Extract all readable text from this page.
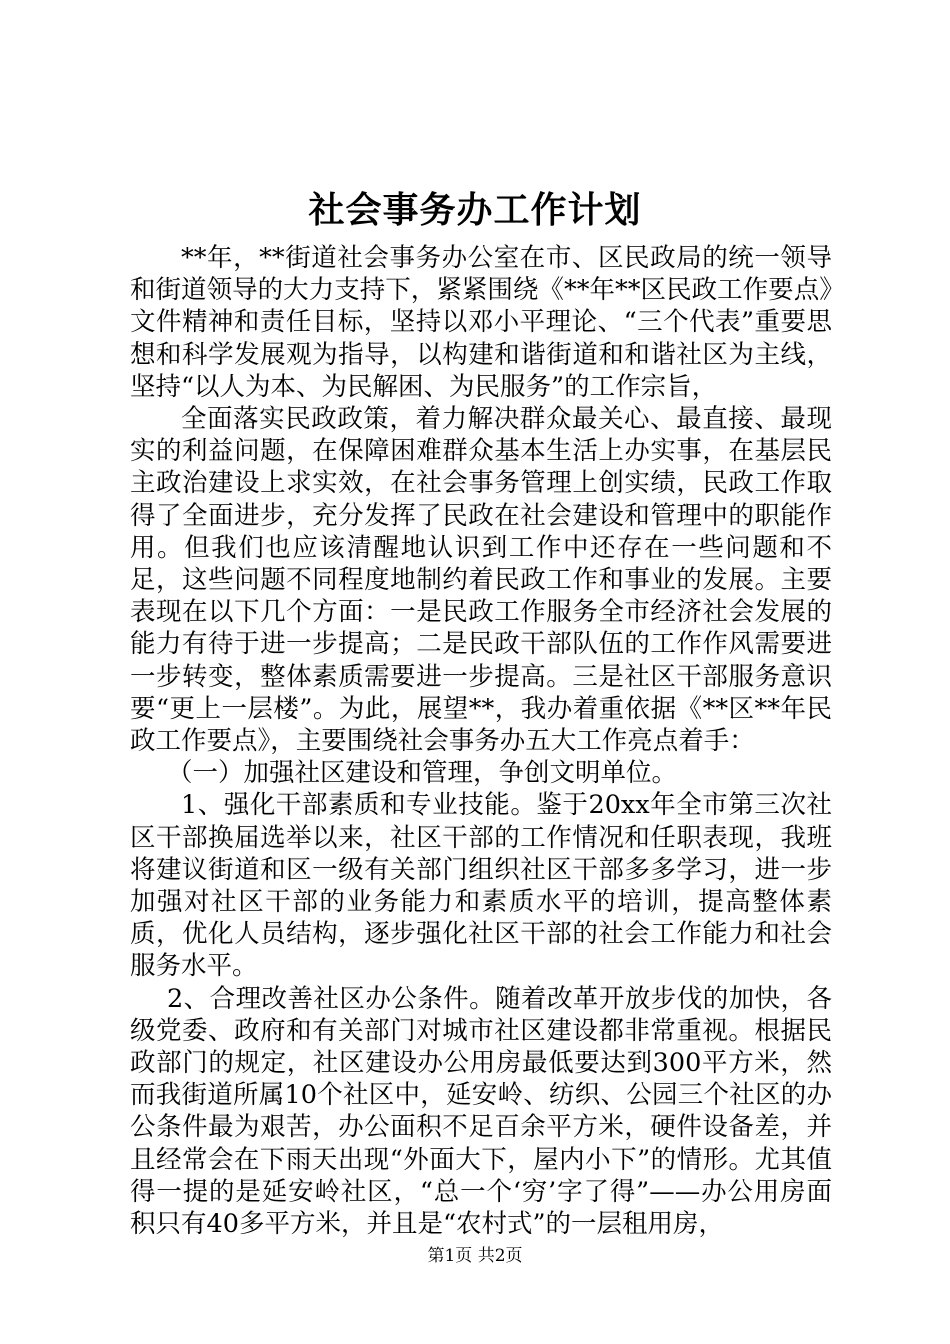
社会事务办工作计划

**年，**街道社会事务办公室在市、区民政局的统一领导和街道领导的大力支持下，紧紧围绕《**年**区民政工作要点》文件精神和责任目标，坚持以邓小平理论、“三个代表”重要思想和科学发展观为指导，以构建和谐街道和和谐社区为主线，坚持“以人为本、为民解困、为民服务”的工作宗旨，

全面落实民政政策，着力解决群众最关心、最直接、最现实的利益问题，在保障困难群众基本生活上办实事，在基层民主政治建设上求实效，在社会事务管理上创实绩，民政工作取得了全面进步，充分发挥了民政在社会建设和管理中的职能作用。但我们也应该清醒地认识到工作中还存在一些问题和不足，这些问题不同程度地制约着民政工作和事业的发展。主要表现在以下几个方面：一是民政工作服务全市经济社会发展的能力有待于进一步提高；二是民政干部队伍的工作作风需要进一步转变，整体素质需要进一步提高。三是社区干部服务意识要“更上一层楼”。为此，展望**，我办着重依据《**区**年民政工作要点》，主要围绕社会事务办五大工作亮点着手：

（一）加强社区建设和管理，争创文明单位。

1、强化干部素质和专业技能。鉴于20xx年全市第三次社区干部换届选举以来，社区干部的工作情况和任职表现，我班将建议街道和区一级有关部门组织社区干部多多学习，进一步加强对社区干部的业务能力和素质水平的培训，提高整体素质，优化人员结构，逐步强化社区干部的社会工作能力和社会服务水平。

2、合理改善社区办公条件。随着改革开放步伐的加快，各级党委、政府和有关部门对城市社区建设都非常重视。根据民政部门的规定，社区建设办公用房最低要达到300平方米，然而我街道所属10个社区中，延安岭、纺织、公园三个社区的办公条件最为艰苦，办公面积不足百余平方米，硬件设备差，并且经常会在下雨天出现“外面大下，屋内小下”的情形。尤其值得一提的是延安岭社区，“总一个‘穷’字了得”——办公用房面积只有40多平方米，并且是“农村式”的一层租用房，

第1页 共2页
